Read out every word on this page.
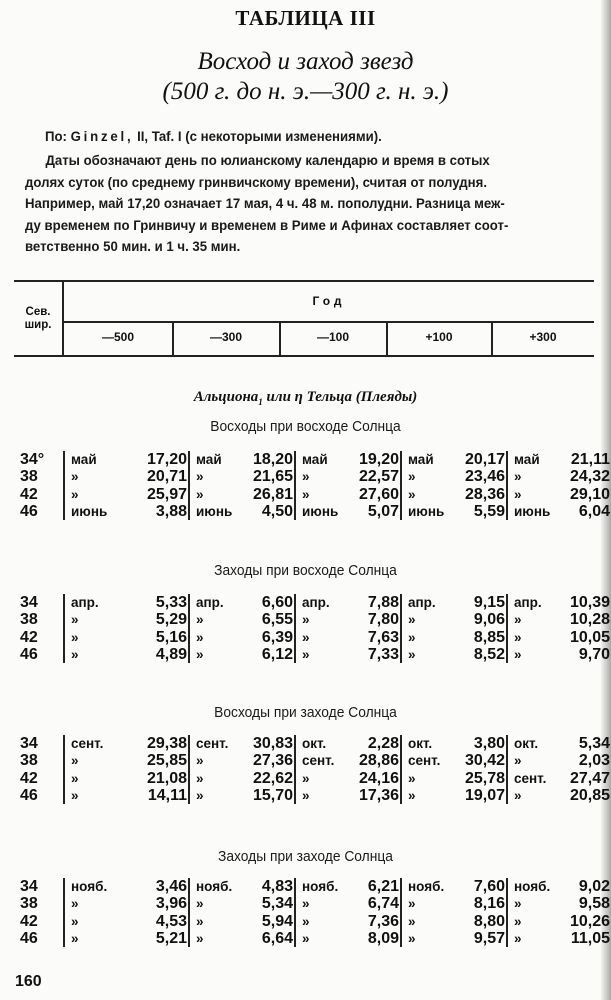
ТАБЛИЦА III
Восход и заход звезд
(500 г. до н. э.—300 г. н. э.)
По: Ginzel, II, Taf. I (с некоторыми изменениями).
Даты обозначают день по юлианскому календарю и время в сотых
долях суток (по среднему гринвичскому времени), считая от полудня.
Например, май 17,20 означает 17 мая, 4 ч. 48 м. пополудни. Разница меж-
ду временем по Гринвичу и временем в Риме и Афинах составляет соот-
ветственно 50 мин. и 1 ч. 35 мин.
Сев.
шир.
Год
—500	—300	—100	+100	+300
Альциона$_1$ или η Тельца (Плеяды)
Восходы при восходе Солнца
34°	май	17,20 май 18,20 май 19,20 май 20,17 май 21,11
38	»	20,71 »	21,65 »	22,57 »	23,46 »	24,32
42	»	25,97 »	26,81 »	27,60 »	28,36 »	29,10
46	июнь	3,88 июнь 4,50 июнь 5,07 июнь 5,59 июнь 6,04
Заходы при восходе Солнца
34	апр.	5,33 апр. 6,60 апр. 7,88 апр. 9,15 апр. 10,39
38	»	5,29 »	6,55 »	7,80 »	9,06 »	10,28
42	»	5,16 »	6,39 »	7,63 »	8,85 »	10,05
46	»	4,89 »	6,12 »	7,33 »	8,52 »	9,70
Восходы при заходе Солнца
34	сент.	29,38 сент. 30,83 окт.	2,28 окт.	3,80 окт.	5,34
38	»	25,85 »	27,36 сент. 28,86 сент. 30,42 »	2,03
42	»	21,08 »	22,62 »	24,16 »	25,78 сент. 27,47
46	»	14,11 »	15,70 »	17,36 »	19,07 »	20,85
Заходы при заходе Солнца
34	нояб.	3,46 нояб. 4,83 нояб. 6,21 нояб. 7,60 нояб. 9,02
38	»	3,96 »	5,34 »	6,74 »	8,16 »	9,58
42	»	4,53 »	5,94 »	7,36 »	8,80 »	10,26
46	»	5,21 »	6,64 »	8,09 »	9,57 »	11,05
160
